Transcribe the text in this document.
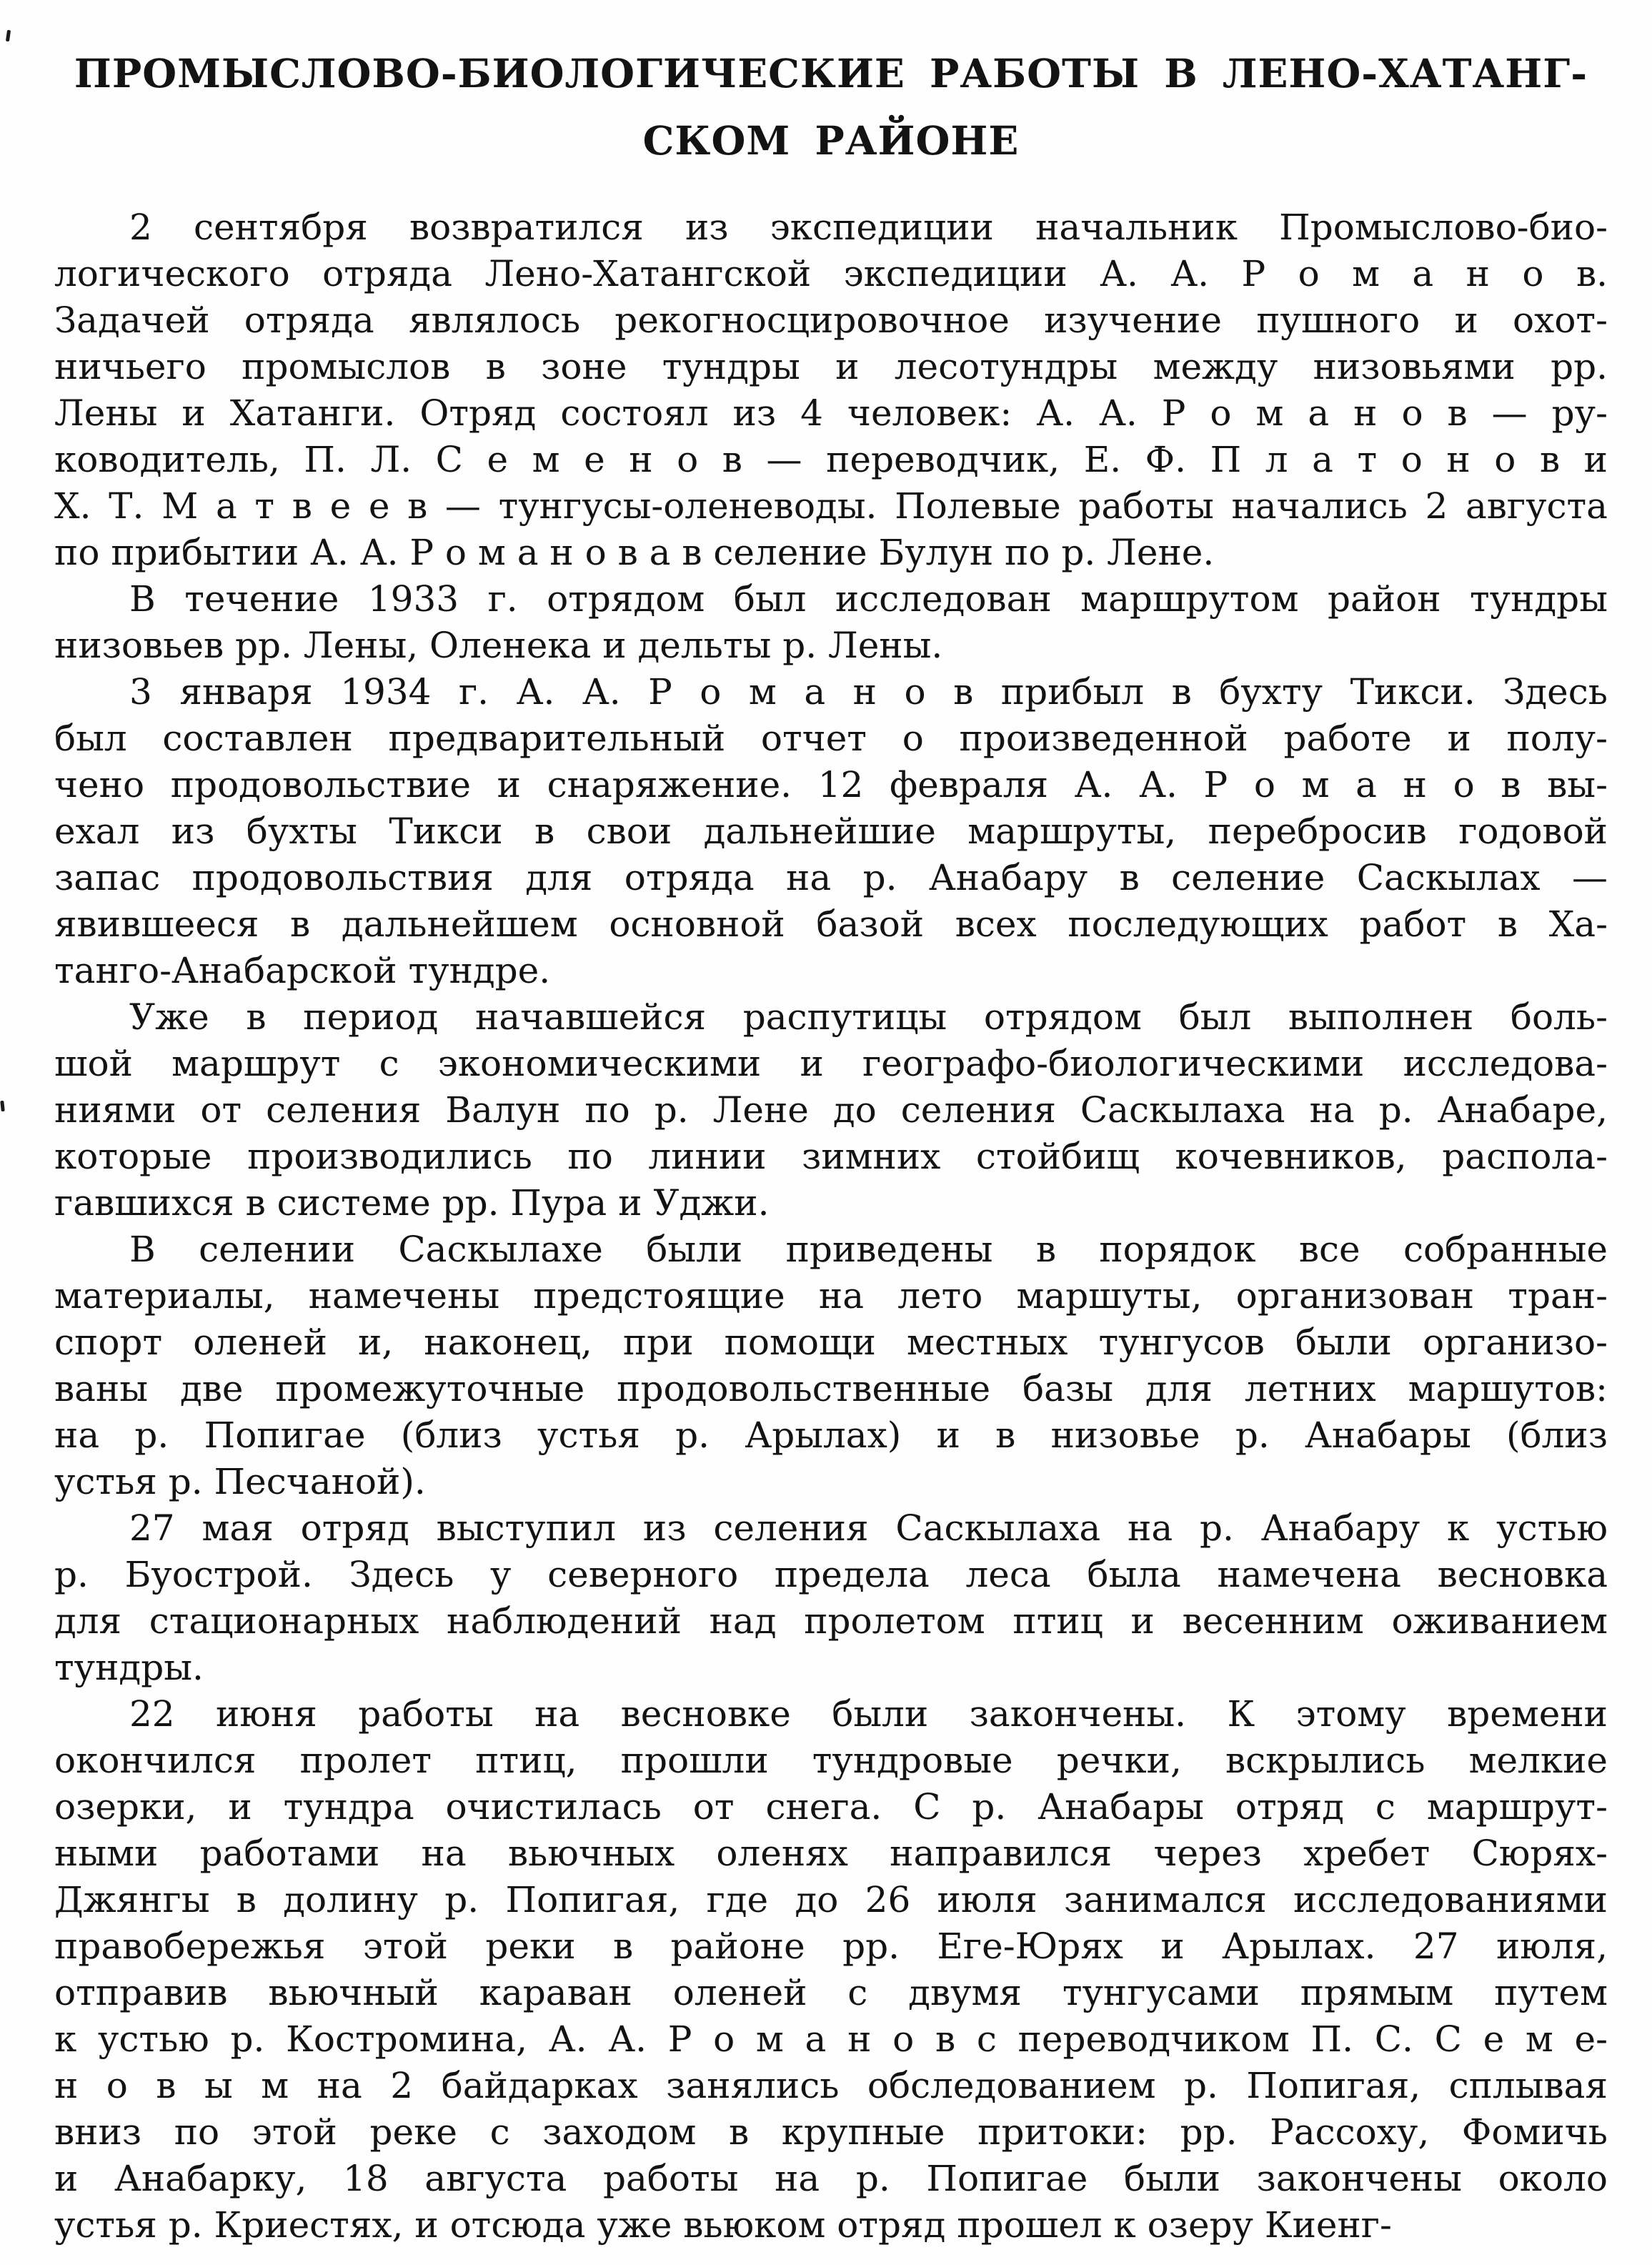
ПРОМЫСЛОВО-БИОЛОГИЧЕСКИЕ РАБОТЫ В ЛЕНО-ХАТАНГ-
СКОМ РАЙОНЕ
2 сентября возвратился из экспедиции начальник Промыслово-био-
логического отряда Лено-Хатангской экспедиции А. А. Р о м а н о в.
Задачей отряда являлось рекогносцировочное изучение пушного и охот-
ничьего промыслов в зоне тундры и лесотундры между низовьями рр.
Лены и Хатанги. Отряд состоял из 4 человек: А. А. Р о м а н о в — ру-
ководитель, П. Л. С е м е н о в — переводчик, Е. Ф. П л а т о н о в и
Х. Т. М а т в е е в — тунгусы-оленеводы. Полевые работы начались 2 августа
по прибытии А. А. Р о м а н о в а в селение Булун по р. Лене.
В течение 1933 г. отрядом был исследован маршрутом район тундры
низовьев рр. Лены, Оленека и дельты р. Лены.
3 января 1934 г. А. А. Р о м а н о в прибыл в бухту Тикси. Здесь
был составлен предварительный отчет о произведенной работе и полу-
чено продовольствие и снаряжение. 12 февраля А. А. Р о м а н о в вы-
ехал из бухты Тикси в свои дальнейшие маршруты, перебросив годовой
запас продовольствия для отряда на р. Анабару в селение Саскылах —
явившееся в дальнейшем основной базой всех последующих работ в Ха-
танго-Анабарской тундре.
Уже в период начавшейся распутицы отрядом был выполнен боль-
шой маршрут с экономическими и географо-биологическими исследова-
ниями от селения Валун по р. Лене до селения Саскылаха на р. Анабаре,
которые производились по линии зимних стойбищ кочевников, распола-
гавшихся в системе рр. Пура и Уджи.
В селении Саскылахе были приведены в порядок все собранные
материалы, намечены предстоящие на лето маршуты, организован тран-
спорт оленей и, наконец, при помощи местных тунгусов были организо-
ваны две промежуточные продовольственные базы для летних маршутов:
на р. Попигае (близ устья р. Арылах) и в низовье р. Анабары (близ
устья р. Песчаной).
27 мая отряд выступил из селения Саскылаха на р. Анабару к устью
р. Буострой. Здесь у северного предела леса была намечена весновка
для стационарных наблюдений над пролетом птиц и весенним оживанием
тундры.
22 июня работы на весновке были закончены. К этому времени
окончился пролет птиц, прошли тундровые речки, вскрылись мелкие
озерки, и тундра очистилась от снега. С р. Анабары отряд с маршрут-
ными работами на вьючных оленях направился через хребет Сюрях-
Джянгы в долину р. Попигая, где до 26 июля занимался исследованиями
правобережья этой реки в районе рр. Еге-Юрях и Арылах. 27 июля,
отправив вьючный караван оленей с двумя тунгусами прямым путем
к устью р. Костромина, А. А. Р о м а н о в с переводчиком П. С. С е м е-
н о в ы м на 2 байдарках занялись обследованием р. Попигая, сплывая
вниз по этой реке с заходом в крупные притоки: рр. Рассоху, Фомичь
и Анабарку, 18 августа работы на р. Попигае были закончены около
устья р. Криестях, и отсюда уже вьюком отряд прошел к озеру Киенг-
